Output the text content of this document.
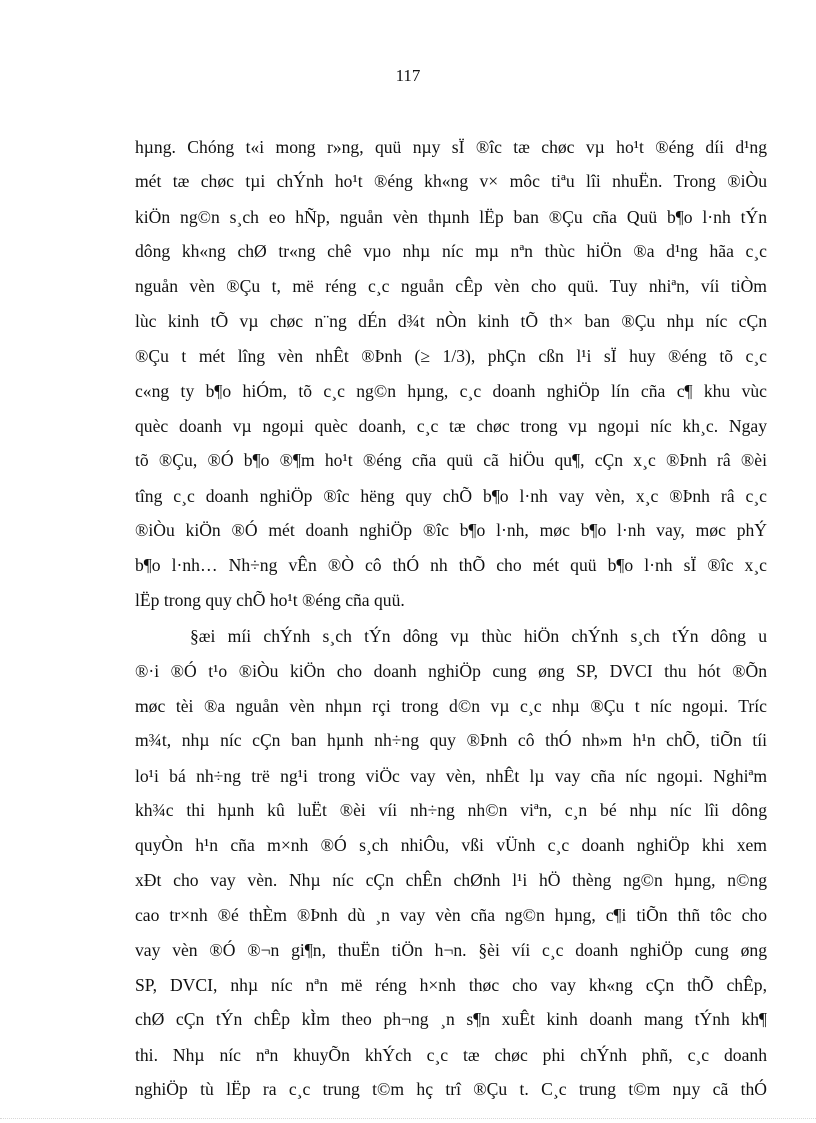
117
hµng. Chóng t«i mong r»ng, quü nµy sÏ ®îc tæ chøc vµ ho¹t ®éng díi d¹ng
mét tæ chøc tµi chÝnh ho¹t ®éng kh«ng v× môc tiªu lîi nhuËn. Trong ®iÒu
kiÖn ng©n s¸ch eo hÑp, nguån vèn thµnh lËp ban ®Çu cña Quü b¶o l·nh tÝn
dông kh«ng chØ tr«ng chê vµo nhµ níc mµ nªn thùc hiÖn ®a d¹ng hãa c¸c
nguån vèn ®Çu t, më réng c¸c nguån cÊp vèn cho quü. Tuy nhiªn, víi tiÒm
lùc kinh tÕ vµ chøc n¨ng dÉn d¾t nÒn kinh tÕ th× ban ®Çu nhµ níc cÇn
®Çu t mét lîng vèn nhÊt ®Þnh (≥ 1/3), phÇn cßn l¹i sÏ huy ®éng tõ c¸c
c«ng ty b¶o hiÓm, tõ c¸c ng©n hµng, c¸c doanh nghiÖp lín cña c¶ khu vùc
quèc doanh vµ ngoµi quèc doanh, c¸c tæ chøc trong vµ ngoµi níc kh¸c. Ngay
tõ ®Çu, ®Ó b¶o ®¶m ho¹t ®éng cña quü cã hiÖu qu¶, cÇn x¸c ®Þnh râ ®èi
tîng c¸c doanh nghiÖp ®îc hëng quy chÕ b¶o l·nh vay vèn, x¸c ®Þnh râ c¸c
®iÒu kiÖn ®Ó mét doanh nghiÖp ®îc b¶o l·nh, møc b¶o l·nh vay, møc phÝ
b¶o l·nh… Nh÷ng vÊn ®Ò cô thÓ nh thÕ cho mét quü b¶o l·nh sÏ ®îc x¸c
lËp trong quy chÕ ho¹t ®éng cña quü.
§æi míi chÝnh s¸ch tÝn dông vµ thùc hiÖn chÝnh s¸ch tÝn dông u
®·i ®Ó t¹o ®iÒu kiÖn cho doanh nghiÖp cung øng SP, DVCI thu hót ®Õn
møc tèi ®a nguån vèn nhµn rçi trong d©n vµ c¸c nhµ ®Çu t níc ngoµi. Tríc
m¾t, nhµ níc cÇn ban hµnh nh÷ng quy ®Þnh cô thÓ nh»m h¹n chÕ, tiÕn tíi
lo¹i bá nh÷ng trë ng¹i trong viÖc vay vèn, nhÊt lµ vay cña níc ngoµi. Nghiªm
kh¾c thi hµnh kû luËt ®èi víi nh÷ng nh©n viªn, c¸n bé nhµ níc lîi dông
quyÒn h¹n cña m×nh ®Ó s¸ch nhiÔu, vßi vÜnh c¸c doanh nghiÖp khi xem
xÐt cho vay vèn. Nhµ níc cÇn chÊn chØnh l¹i hÖ thèng ng©n hµng, n©ng
cao tr×nh ®é thÈm ®Þnh dù ¸n vay vèn cña ng©n hµng, c¶i tiÕn thñ tôc cho
vay vèn ®Ó ®¬n gi¶n, thuËn tiÖn h¬n. §èi víi c¸c doanh nghiÖp cung øng
SP, DVCI, nhµ níc nªn më réng h×nh thøc cho vay kh«ng cÇn thÕ chÊp,
chØ cÇn tÝn chÊp kÌm theo ph¬ng ¸n s¶n xuÊt kinh doanh mang tÝnh kh¶
thi. Nhµ níc nªn khuyÕn khÝch c¸c tæ chøc phi chÝnh phñ, c¸c doanh
nghiÖp tù lËp ra c¸c trung t©m hç trî ®Çu t. C¸c trung t©m nµy cã thÓ
